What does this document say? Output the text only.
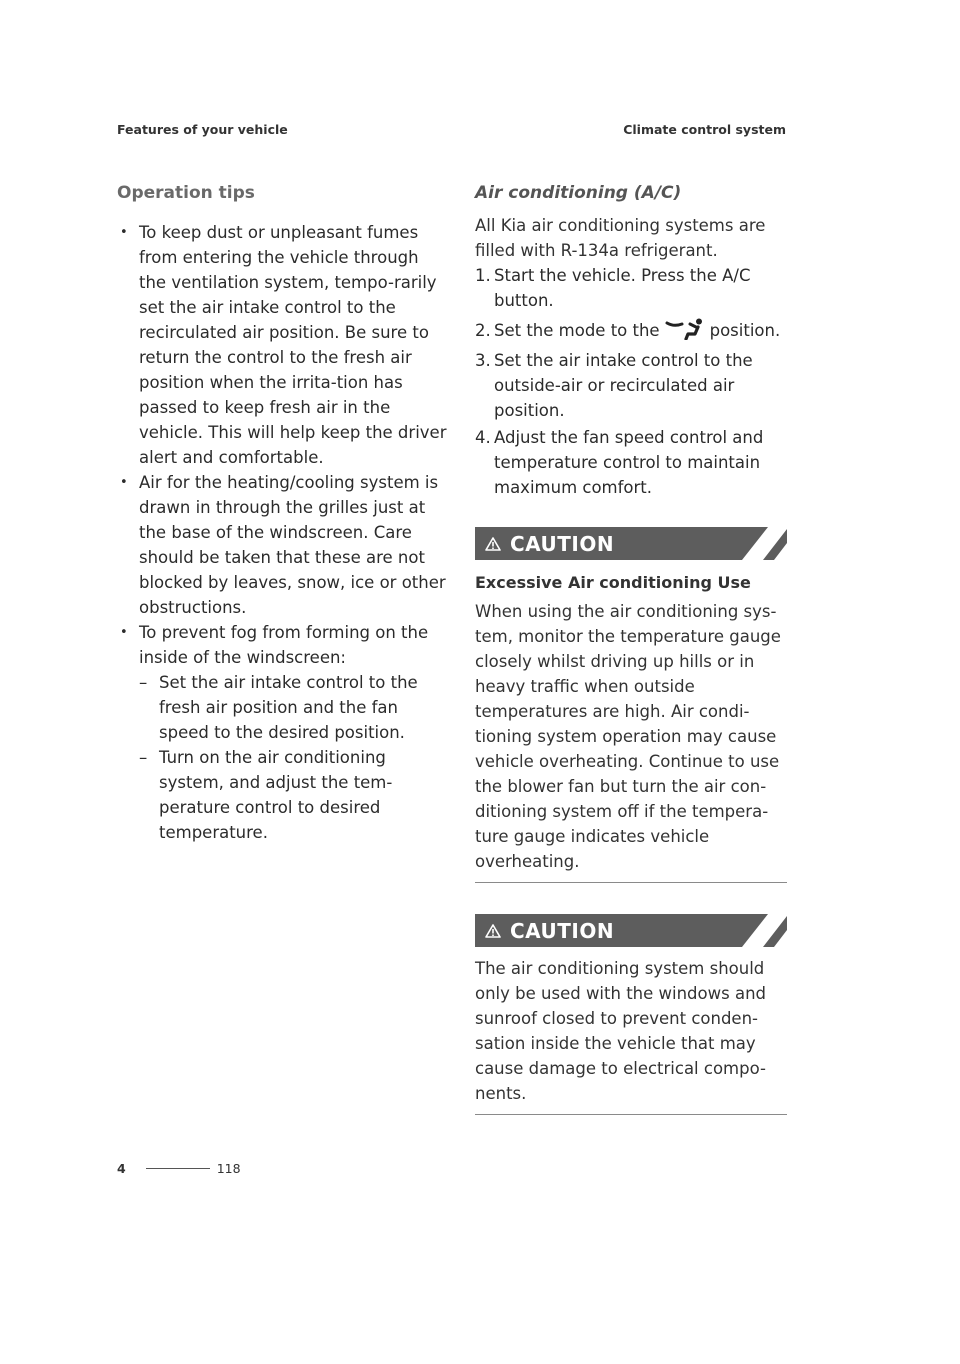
Features of your vehicle	Climate control system
Operation tips
• To keep dust or unpleasant fumes from entering the vehicle through the ventilation system, tempo-rarily set the air intake control to the recirculated air position. Be sure to return the control to the fresh air position when the irrita-tion has passed to keep fresh air in the vehicle. This will help keep the driver alert and comfortable.
• Air for the heating/cooling system is drawn in through the grilles just at the base of the windscreen. Care should be taken that these are not blocked by leaves, snow, ice or other obstructions.
• To prevent fog from forming on the inside of the windscreen:
– Set the air intake control to the fresh air position and the fan speed to the desired position.
– Turn on the air conditioning system, and adjust the tem-perature control to desired temperature.
Air conditioning (A/C)
All Kia air conditioning systems are filled with R-134a refrigerant.
1. Start the vehicle. Press the A/C button.
2. Set the mode to the	position.
3. Set the air intake control to the outside-air or recirculated air position.
4. Adjust the fan speed control and temperature control to maintain maximum comfort.
CAUTION
Excessive Air conditioning Use
When using the air conditioning sys-tem, monitor the temperature gauge closely whilst driving up hills or in heavy traffic when outside temperatures are high. Air condi-tioning system operation may cause vehicle overheating. Continue to use the blower fan but turn the air con-ditioning system off if the tempera-ture gauge indicates vehicle overheating.
CAUTION
The air conditioning system should only be used with the windows and sunroof closed to prevent conden-sation inside the vehicle that may cause damage to electrical compo-nents.
4	118
